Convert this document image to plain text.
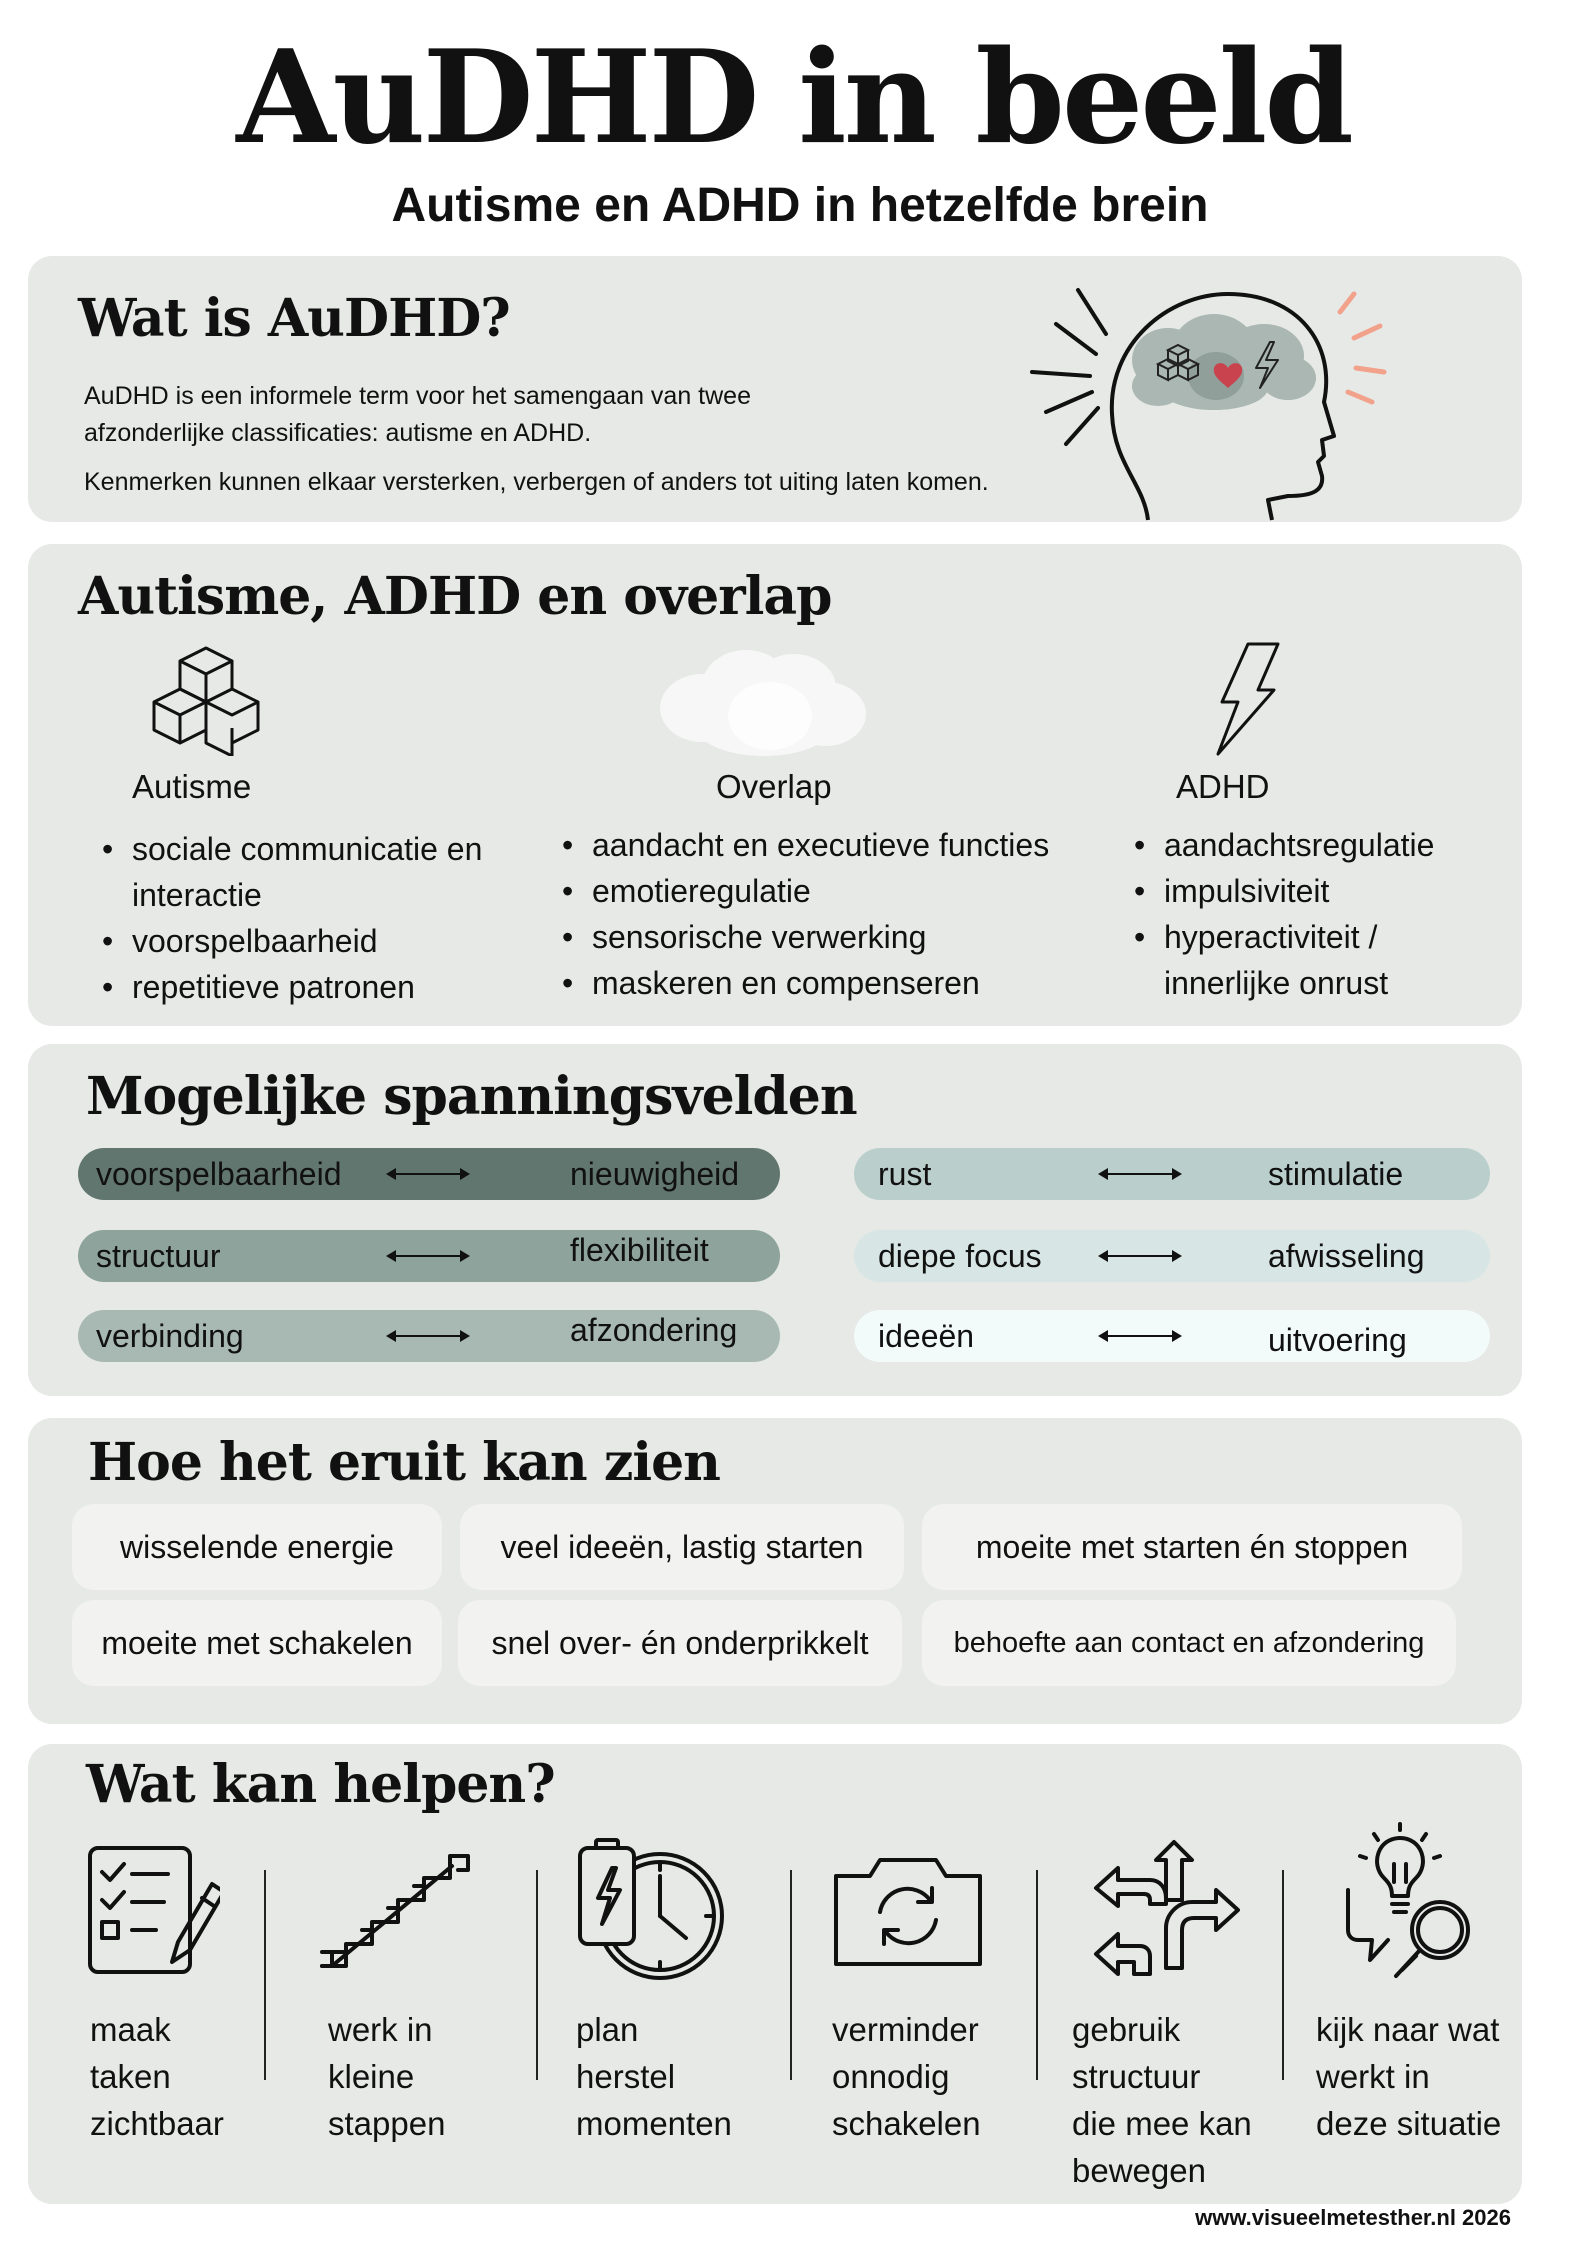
AuDHD in beeld
Autisme en ADHD in hetzelfde brein
Wat is AuDHD?
AuDHD is een informele term voor het samengaan van twee
afzonderlijke classificaties: autisme en ADHD.
Kenmerken kunnen elkaar versterken, verbergen of anders tot uiting laten komen.
Autisme, ADHD en overlap
Autisme	Overlap	ADHD
• sociale communicatie en
interactie
• voorspelbaarheid
• repetitieve patronen
• aandacht en executieve functies
• emotieregulatie
• sensorische verwerking
• maskeren en compenseren
• aandachtsregulatie
• impulsiviteit
• hyperactiviteit /
innerlijke onrust
Mogelijke spanningsvelden
voorspelbaarheid	nieuwigheid
structuur	flexibiliteit
verbinding	afzondering
rust	stimulatie
diepe focus	afwisseling
ideeën	uitvoering
Hoe het eruit kan zien
wisselende energie	veel ideeën, lastig starten	moeite met starten én stoppen
moeite met schakelen	snel over- én onderprikkelt	behoefte aan contact en afzondering
Wat kan helpen?
maak
taken
zichtbaar
werk in
kleine
stappen
plan
herstel
momenten
verminder
onnodig
schakelen
gebruik
structuur
die mee kan
bewegen
kijk naar wat
werkt in
deze situatie
www.visueelmetesther.nl 2026
